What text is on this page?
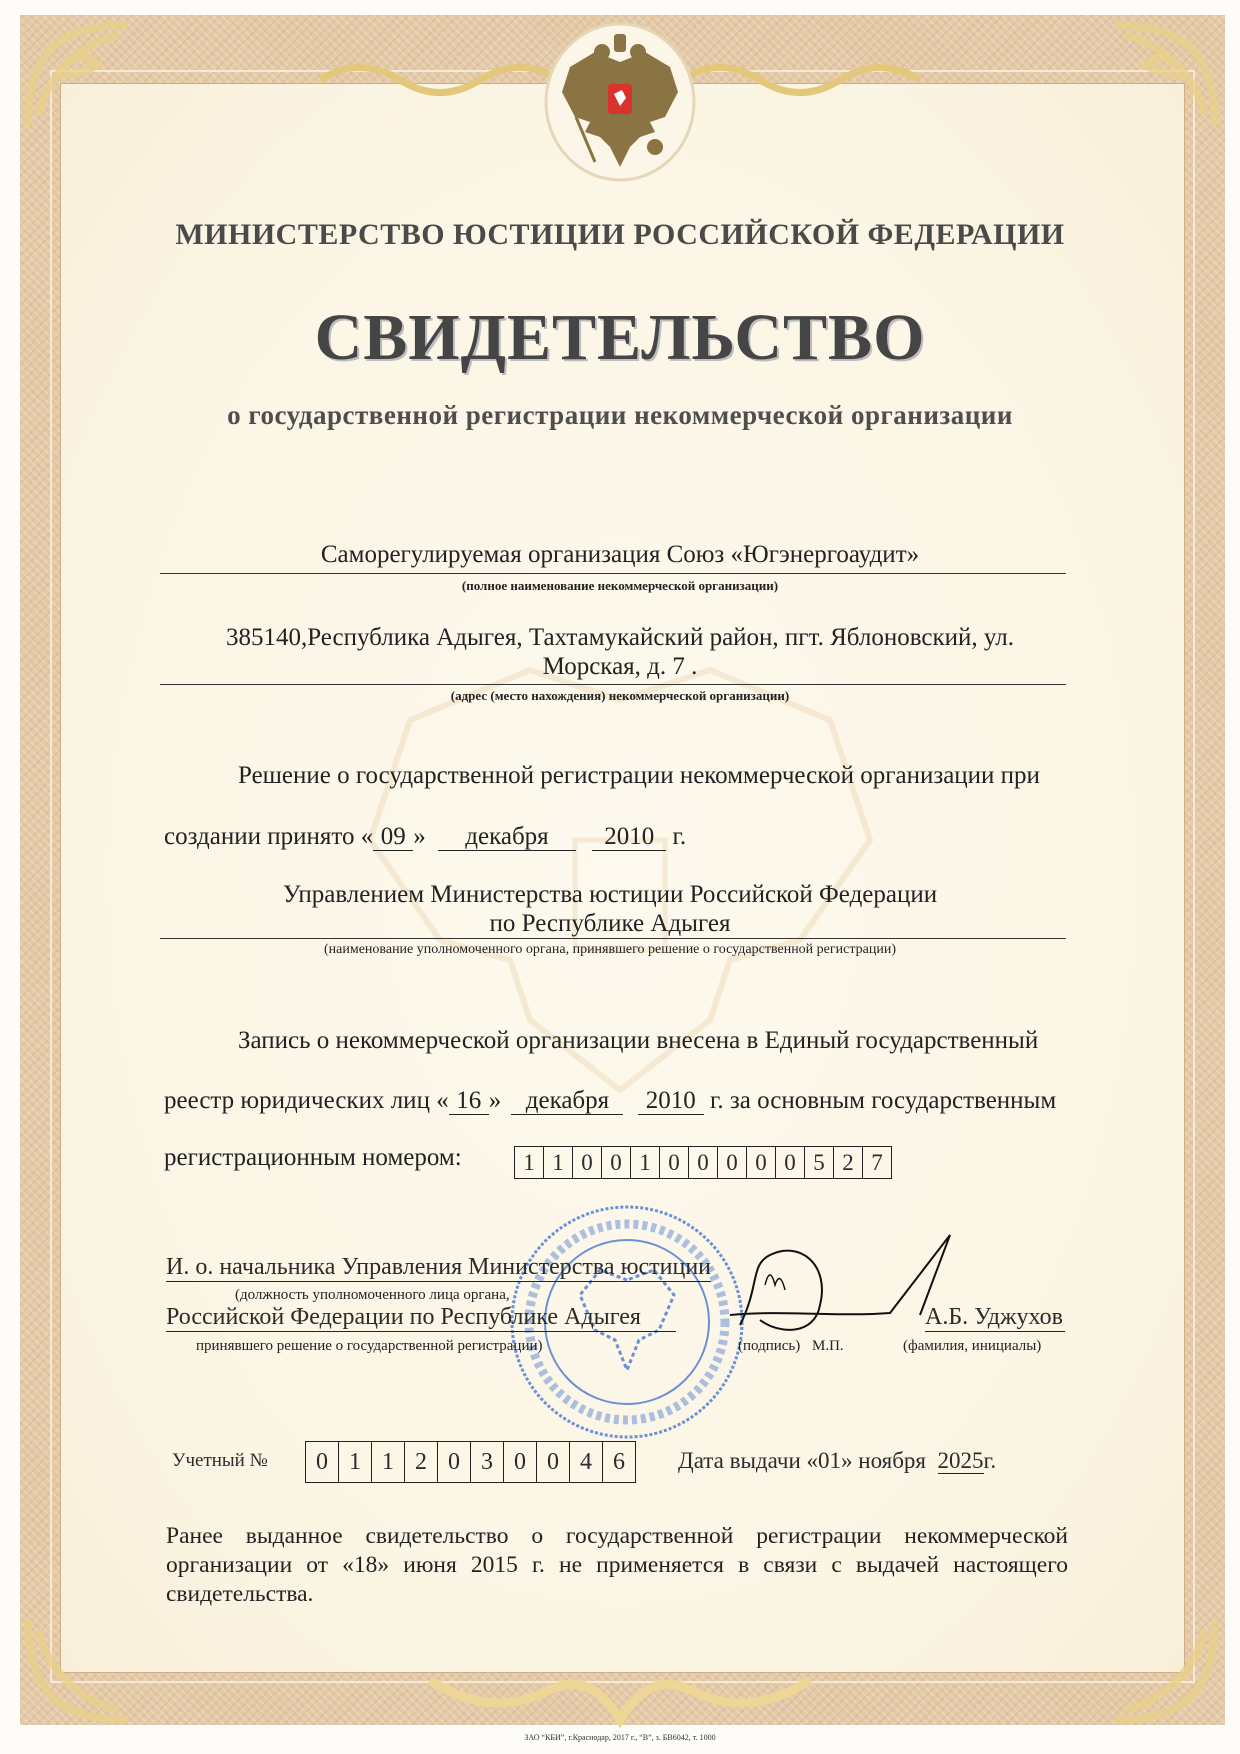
МИНИСТЕРСТВО ЮСТИЦИИ РОССИЙСКОЙ ФЕДЕРАЦИИ
СВИДЕТЕЛЬСТВО
о государственной регистрации некоммерческой организации
Саморегулируемая организация Союз «Югэнергоаудит»
(полное наименование некоммерческой организации)
385140,Республика Адыгея, Тахтамукайский район, пгт. Яблоновский, ул.
Морская, д. 7 .
(адрес (место нахождения) некоммерческой организации)
Решение о государственной регистрации некоммерческой организации при
создании принято « 09 » декабря 2010 г.
Управлением Министерства юстиции Российской Федерации
по Республике Адыгея
(наименование уполномоченного органа, принявшего решение о государственной регистрации)
Запись о некоммерческой организации внесена в Единый государственный
реестр юридических лиц « 16 » декабря 2010 г. за основным государственным
регистрационным номером:	1 1 0 0 1 0 0 0 0 0 5 2 7
И. о. начальника Управления Министерства юстиции
(должность уполномоченного лица органа,
Российской Федерации по Республике Адыгея
принявшего решение о государственной регистрации)
А.Б. Уджухов
(подпись) М.П.	(фамилия, инициалы)
Учетный №	0 1 1 2 0 3 0 0 4 6	Дата выдачи «01» ноября 2025г.
Ранее выданное свидетельство о государственной регистрации некоммерческой организации от «18» июня 2015 г. не применяется в связи с выдачей настоящего свидетельства.
ЗАО “КБИ”, г.Краснодар, 2017 г., “В”, з. БВ6042, т. 1000
